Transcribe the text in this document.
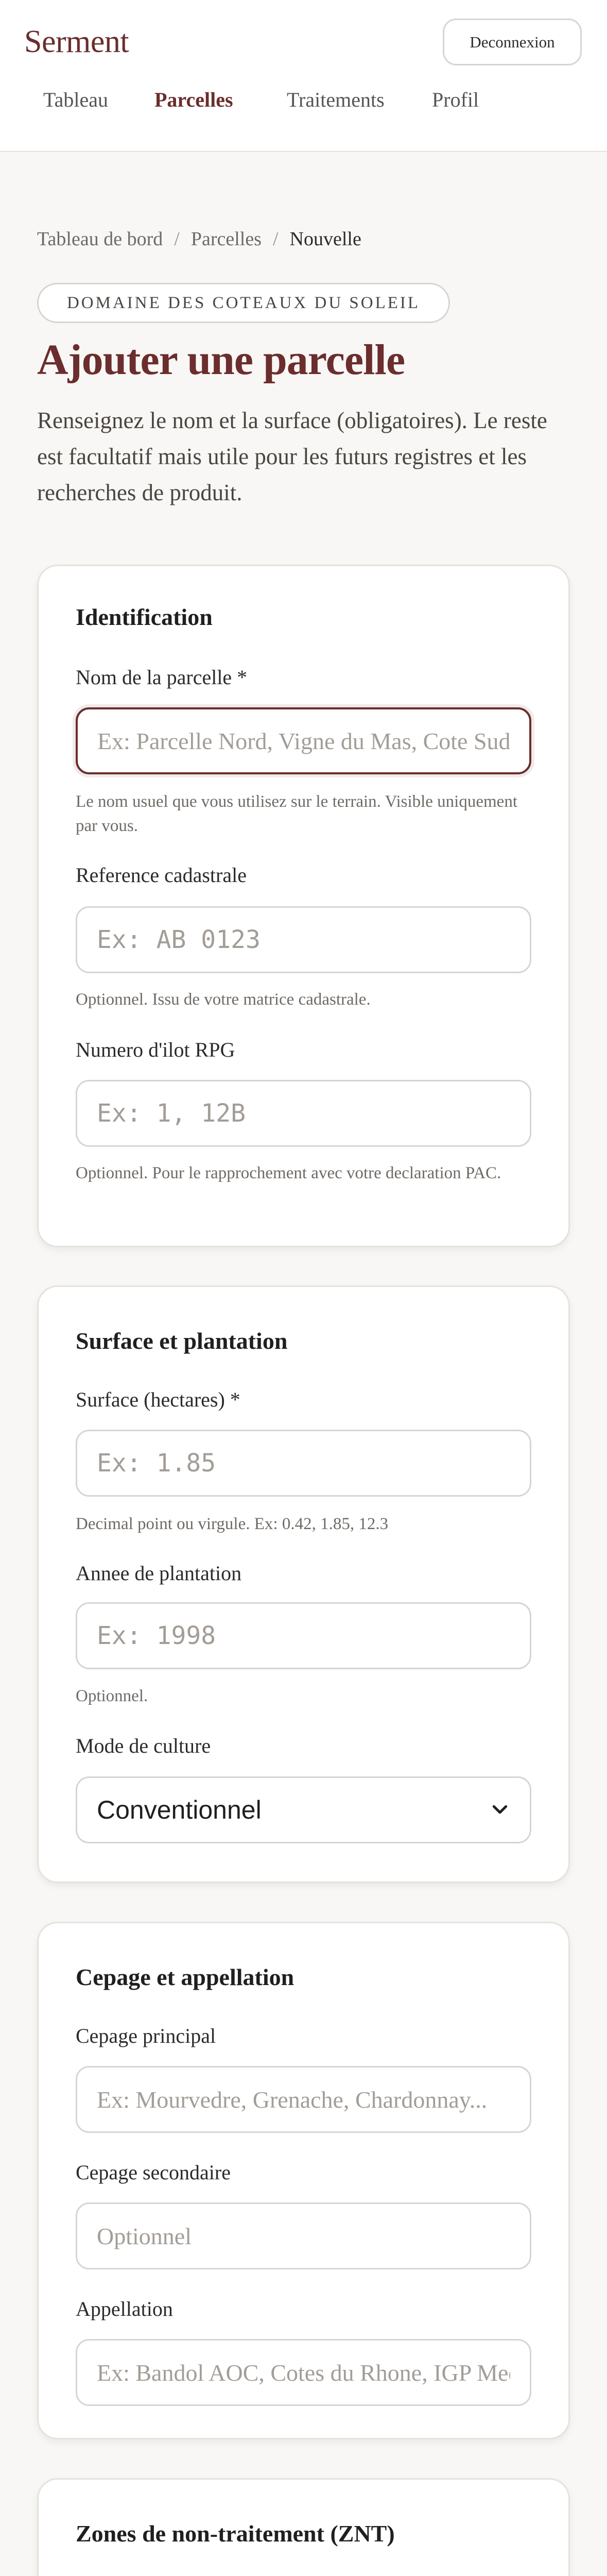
Serment	Deconnexion
Tableau Parcelles	Traitements Profil
Tableau de bord / Parcelles / Nouvelle
DOMAINE DES COTEAUX DU SOLEIL
Ajouter une parcelle

Renseignez le nom et la surface (obligatoires). Le reste est facultatif mais utile pour les futurs registres et les recherches de produit.

Identification
Nom de la parcelle *
Ex: Parcelle Nord, Vigne du Mas, Cote Sud
Le nom usuel que vous utilisez sur le terrain. Visible uniquement par vous.
Reference cadastrale
Ex: AB 0123
Optionnel. Issu de votre matrice cadastrale.
Numero d'ilot RPG
Ex: 1, 12B
Optionnel. Pour le rapprochement avec votre declaration PAC.
Surface et plantation
Surface (hectares) *
Ex: 1.85
Decimal point ou virgule. Ex: 0.42, 1.85, 12.3
Annee de plantation
Ex: 1998
Optionnel.
Mode de culture
Conventionnel
Cepage et appellation
Cepage principal
Ex: Mourvedre, Grenache, Chardonnay...
Cepage secondaire
Optionnel
Appellation
Ex: Bandol AOC, Cotes du Rhone, IGP Mediterranee
Zones de non-traitement (ZNT)
